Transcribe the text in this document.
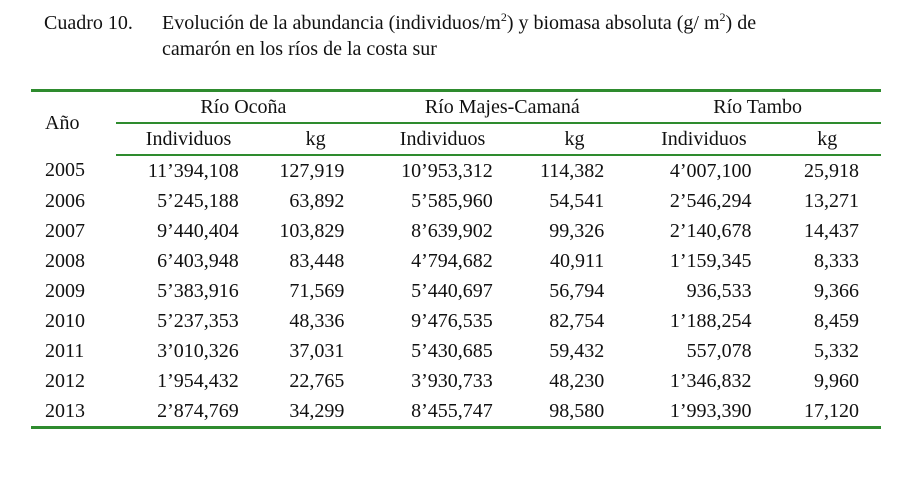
Cuadro 10. Evolución de la abundancia $(individuos/m^2)$ y biomasa absoluta (g/ $m^2$) de
camarón en los ríos de la costa sur
Año	Río Ocoña		Río Majes-Camaná		Río Tambo	
	Individuos	kg	Individuos	kg	Individuos	kg
2005	11’394,108	127,919	10’953,312	114,382	4’007,100	25,918
2006	5’245,188	63,892	5’585,960	54,541	2’546,294	13,271
2007	9’440,404	103,829	8’639,902	99,326	2’140,678	14,437
2008	6’403,948	83,448	4’794,682	40,911	1’159,345	8,333
2009	5’383,916	71,569	5’440,697	56,794	936,533	9,366
2010	5’237,353	48,336	9’476,535	82,754	1’188,254	8,459
2011	3’010,326	37,031	5’430,685	59,432	557,078	5,332
2012	1’954,432	22,765	3’930,733	48,230	1’346,832	9,960
2013	2’874,769	34,299	8’455,747	98,580	1’993,390	17,120
